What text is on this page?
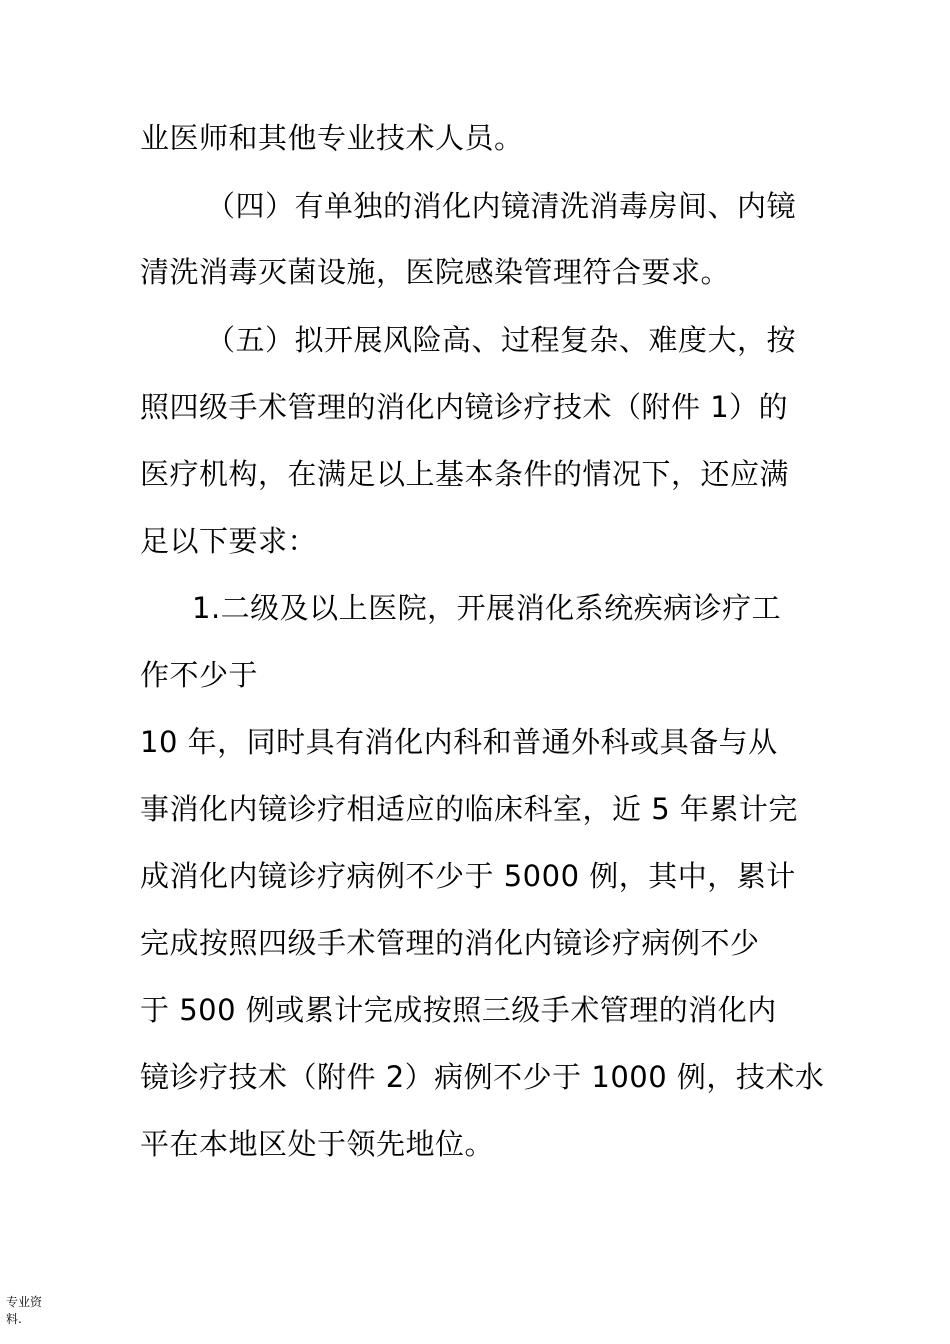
业医师和其他专业技术人员。
（四）有单独的消化内镜清洗消毒房间、内镜
清洗消毒灭菌设施，医院感染管理符合要求。
（五）拟开展风险高、过程复杂、难度大，按
照四级手术管理的消化内镜诊疗技术（附件 1）的
医疗机构，在满足以上基本条件的情况下，还应满
足以下要求：
1.二级及以上医院，开展消化系统疾病诊疗工
作不少于
10 年，同时具有消化内科和普通外科或具备与从
事消化内镜诊疗相适应的临床科室，近 5 年累计完
成消化内镜诊疗病例不少于 5000 例，其中，累计
完成按照四级手术管理的消化内镜诊疗病例不少
于 500 例或累计完成按照三级手术管理的消化内
镜诊疗技术（附件 2）病例不少于 1000 例，技术水
平在本地区处于领先地位。
专业资料.
